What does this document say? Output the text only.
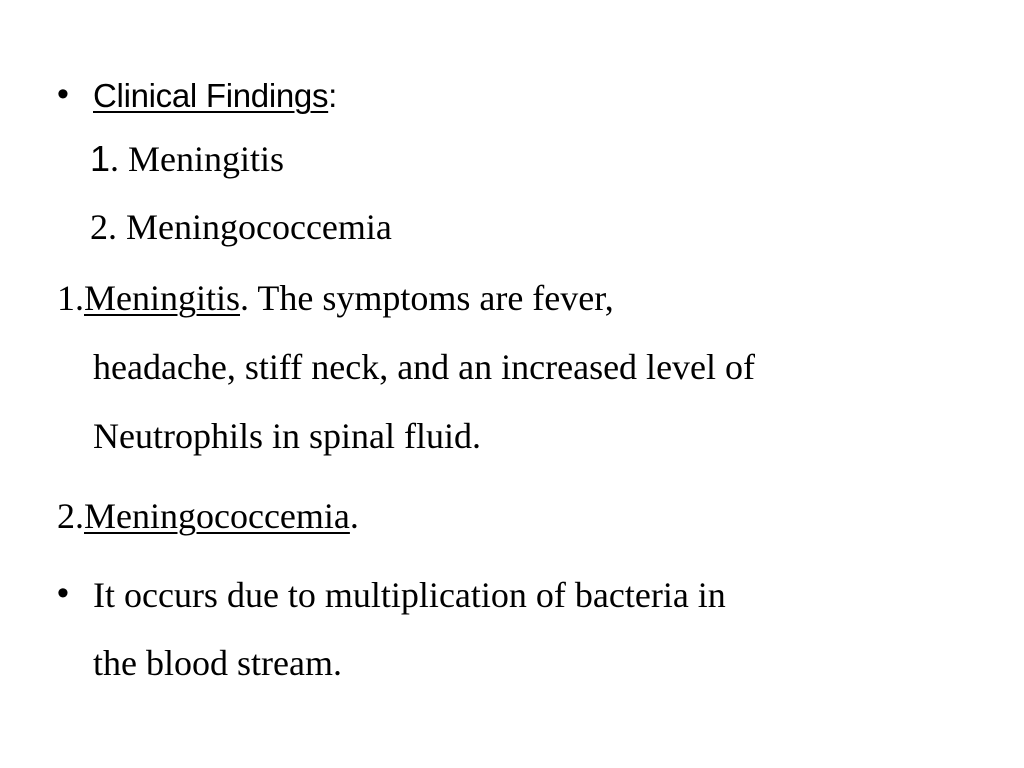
• Clinical Findings:
1. Meningitis
2. Meningococcemia
1.Meningitis. The symptoms are fever,
headache, stiff neck, and an increased level of
Neutrophils in spinal fluid.
2.Meningococcemia.
• It occurs due to multiplication of bacteria in
the blood stream.
